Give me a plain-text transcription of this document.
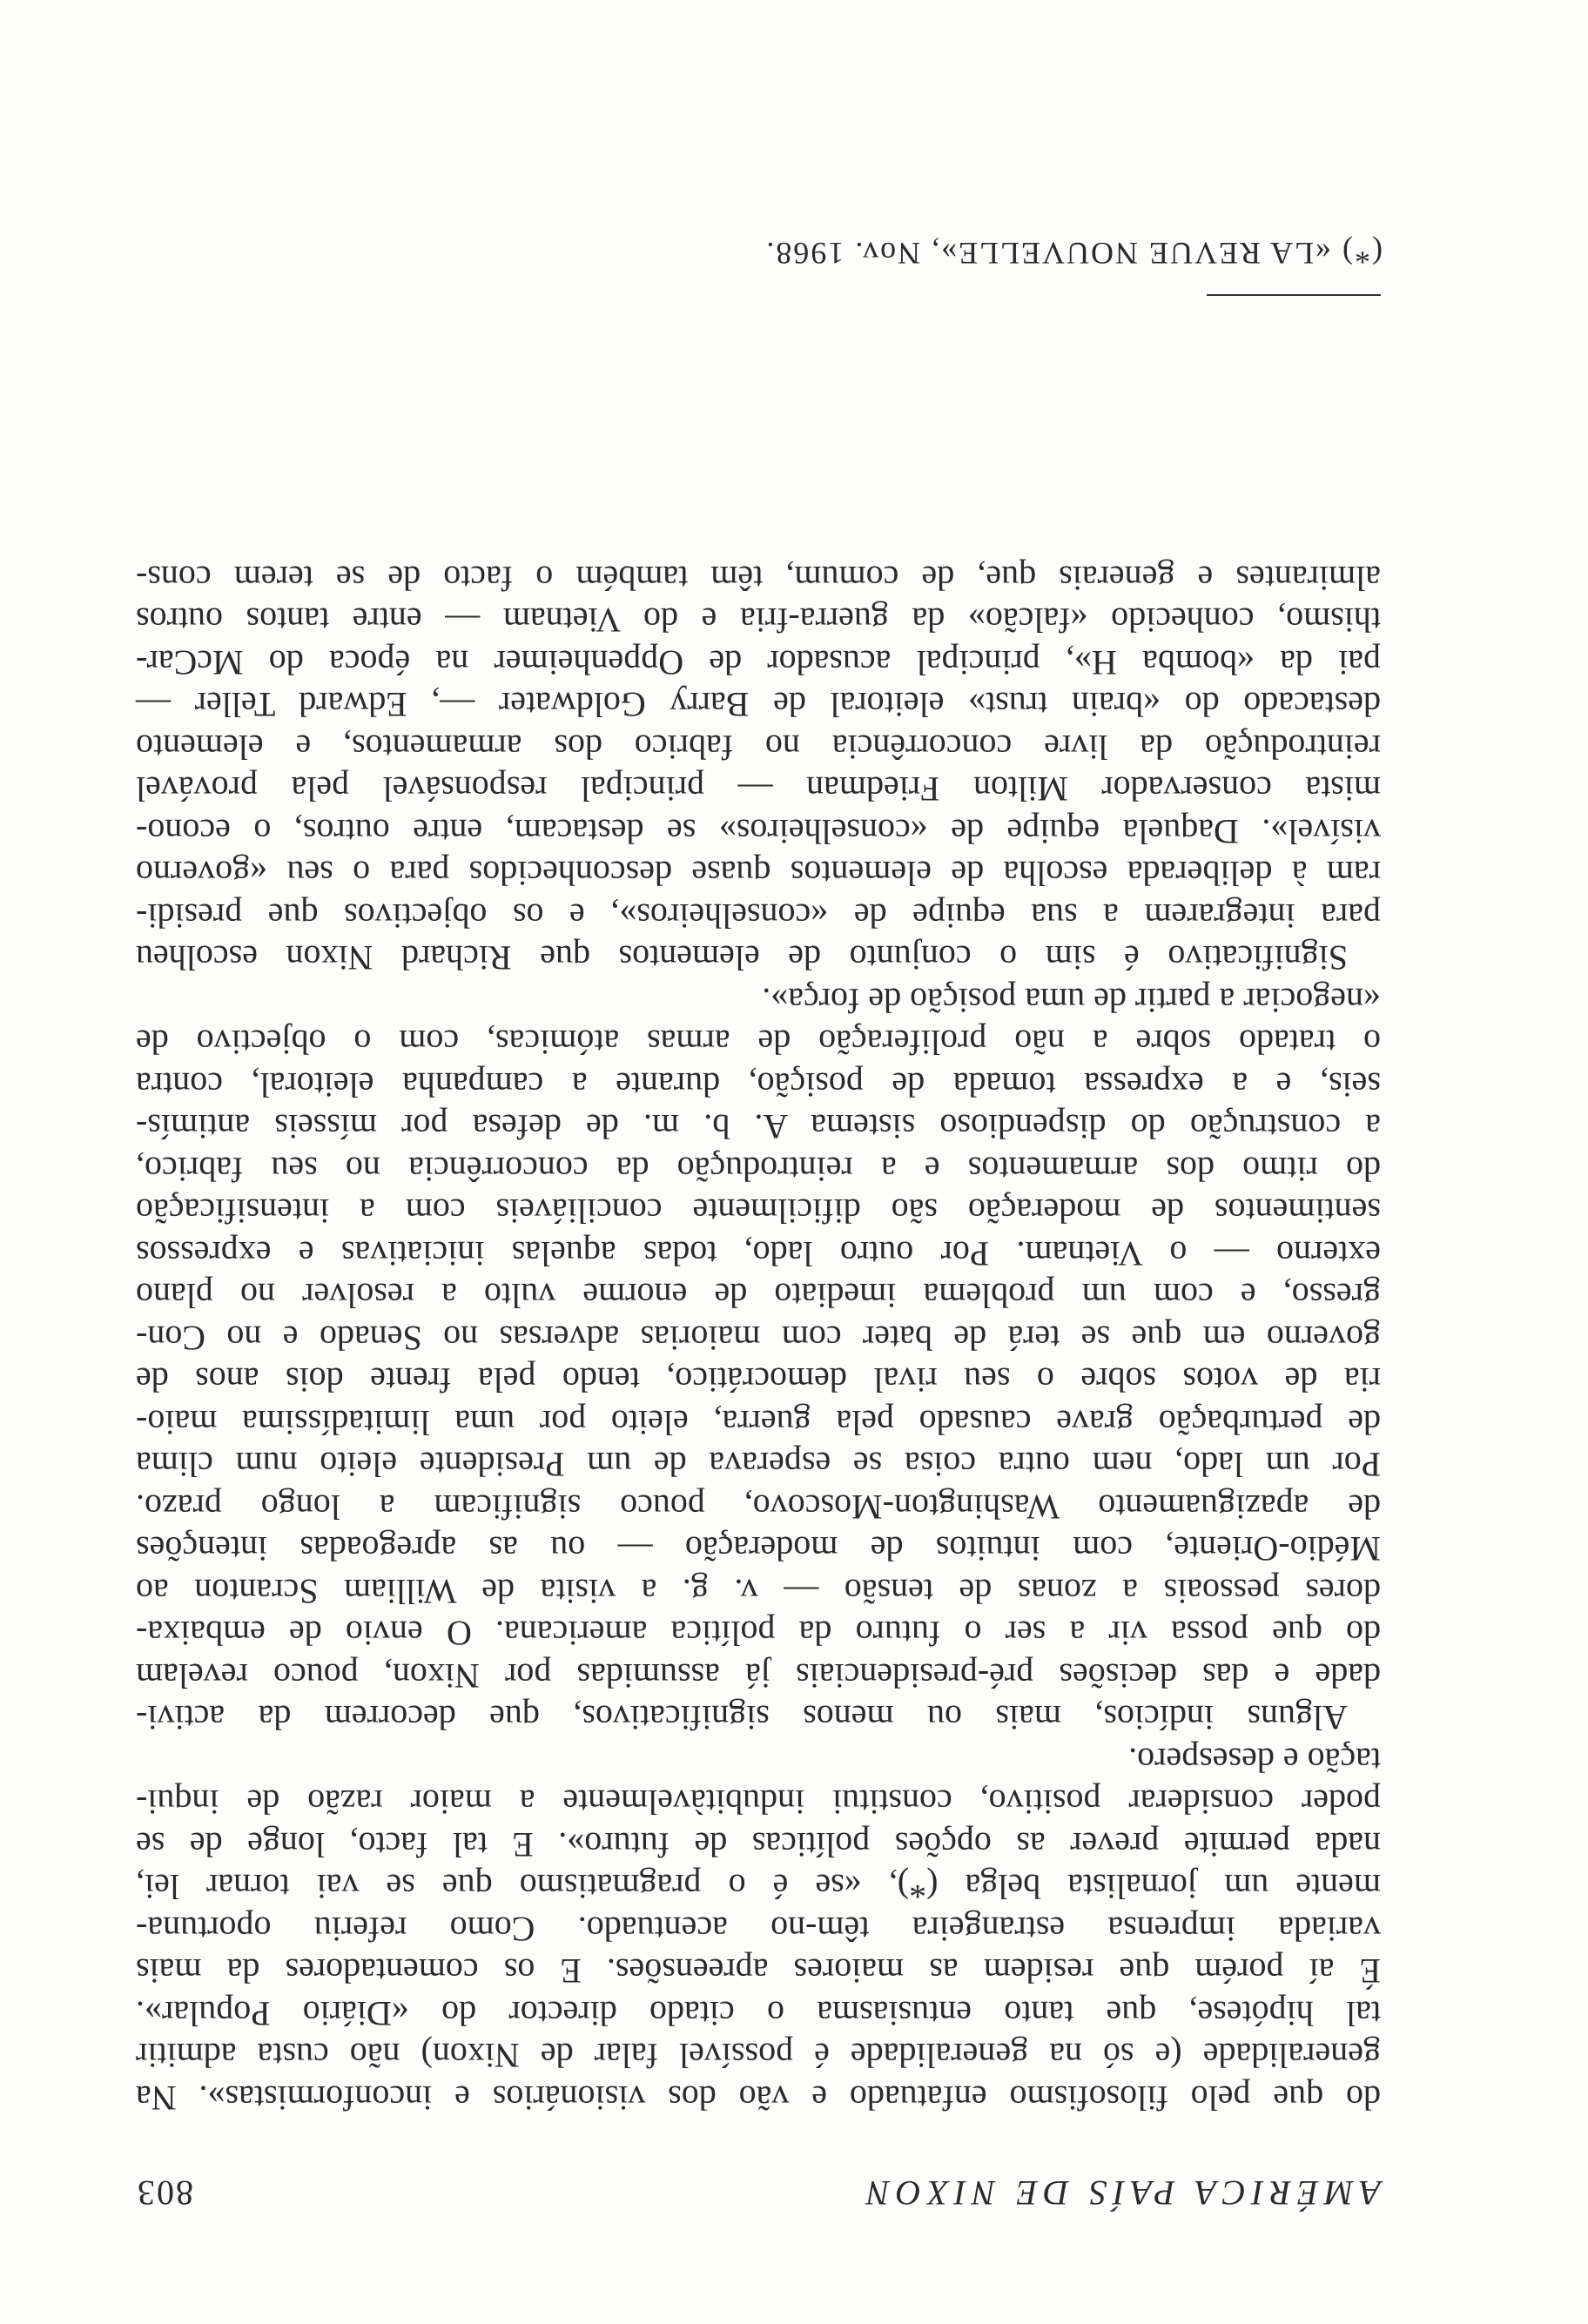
AMÉRICA PAÍS DE NIXON
803
do que pelo filosofismo enfatuado e vão dos visionários e inconformistas». Na
generalidade (e só na generalidade é possível falar de Nixon) não custa admitir
tal hipótese, que tanto entusiasma o citado director do «Diário Popular».
É aí porém que residem as maiores apreensões. E os comentadores da mais
variada imprensa estrangeira têm-no acentuado. Como referiu oportuna-
mente um jornalista belga (*), «se é o pragmatismo que se vai tornar lei,
nada permite prever as opções políticas de futuro». E tal facto, longe de se
poder considerar positivo, constitui indubitàvelmente a maior razão de inqui-
tação e desespero.
Alguns indícios, mais ou menos significativos, que decorrem da activi-
dade e das decisões pré-presidenciais já assumidas por Nixon, pouco revelam
do que possa vir a ser o futuro da política americana. O envio de embaixa-
dores pessoais a zonas de tensão — v. g. a visita de William Scranton ao
Médio-Oriente, com intuitos de moderação — ou as apregoadas intenções
de apaziguamento Washington-Moscovo, pouco significam a longo prazo.
Por um lado, nem outra coisa se esperava de um Presidente eleito num clima
de perturbação grave causado pela guerra, eleito por uma limitadíssima maio-
ria de votos sobre o seu rival democrático, tendo pela frente dois anos de
governo em que se terá de bater com maiorias adversas no Senado e no Con-
gresso, e com um problema imediato de enorme vulto a resolver no plano
externo — o Vietnam. Por outro lado, todas aquelas iniciativas e expressos
sentimentos de moderação são dificilmente conciliáveis com a intensificação
do ritmo dos armamentos e a reintrodução da concorrência no seu fabrico,
a construção do dispendioso sistema A. b. m. de defesa por mísseis antimís-
seis, e a expressa tomada de posição, durante a campanha eleitoral, contra
o tratado sobre a não proliferação de armas atómicas, com o objectivo de
«negociar a partir de uma posição de força».
Significativo é sim o conjunto de elementos que Richard Nixon escolheu
para integrarem a sua equipe de «conselheiros», e os objectivos que presidi-
ram à deliberada escolha de elementos quase desconhecidos para o seu «governo
visível». Daquela equipe de «conselheiros» se destacam, entre outros, o econo-
mista conservador Milton Friedman — principal responsável pela provável
reintrodução da livre concorrência no fabrico dos armamentos, e elemento
destacado do «brain trust» eleitoral de Barry Goldwater —, Edward Teller —
pai da «bomba H», principal acusador de Oppenheimer na época do McCar-
thismo, conhecido «falcão» da guerra-fria e do Vietnam — entre tantos outros
almirantes e generais que, de comum, têm também o facto de se terem cons-
(*) «LA REVUE NOUVELLE», Nov. 1968.
